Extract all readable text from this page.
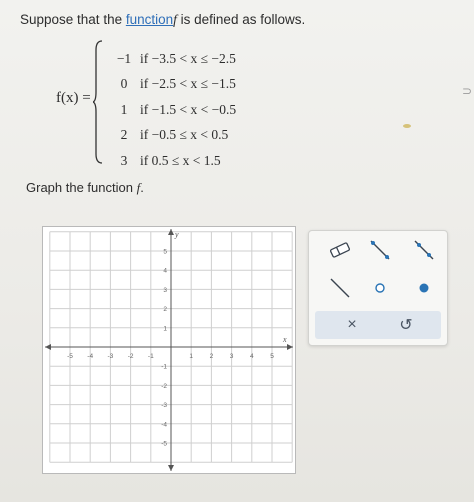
Suppose that the functionf is defined as follows.
f(x) =
−1 if −3.5 < x ≤ −2.5
0 if −2.5 < x ≤ −1.5
1 if −1.5 < x < −0.5
2 if −0.5 ≤ x < 0.5
3 if 0.5 ≤ x < 1.5
Graph the function f.
x
y
-5 -4 -3 -2 -1	1	2	3	4	5
5
4
3
2
1
-1
-2
-3
-4
-5
×	↺
⊃
